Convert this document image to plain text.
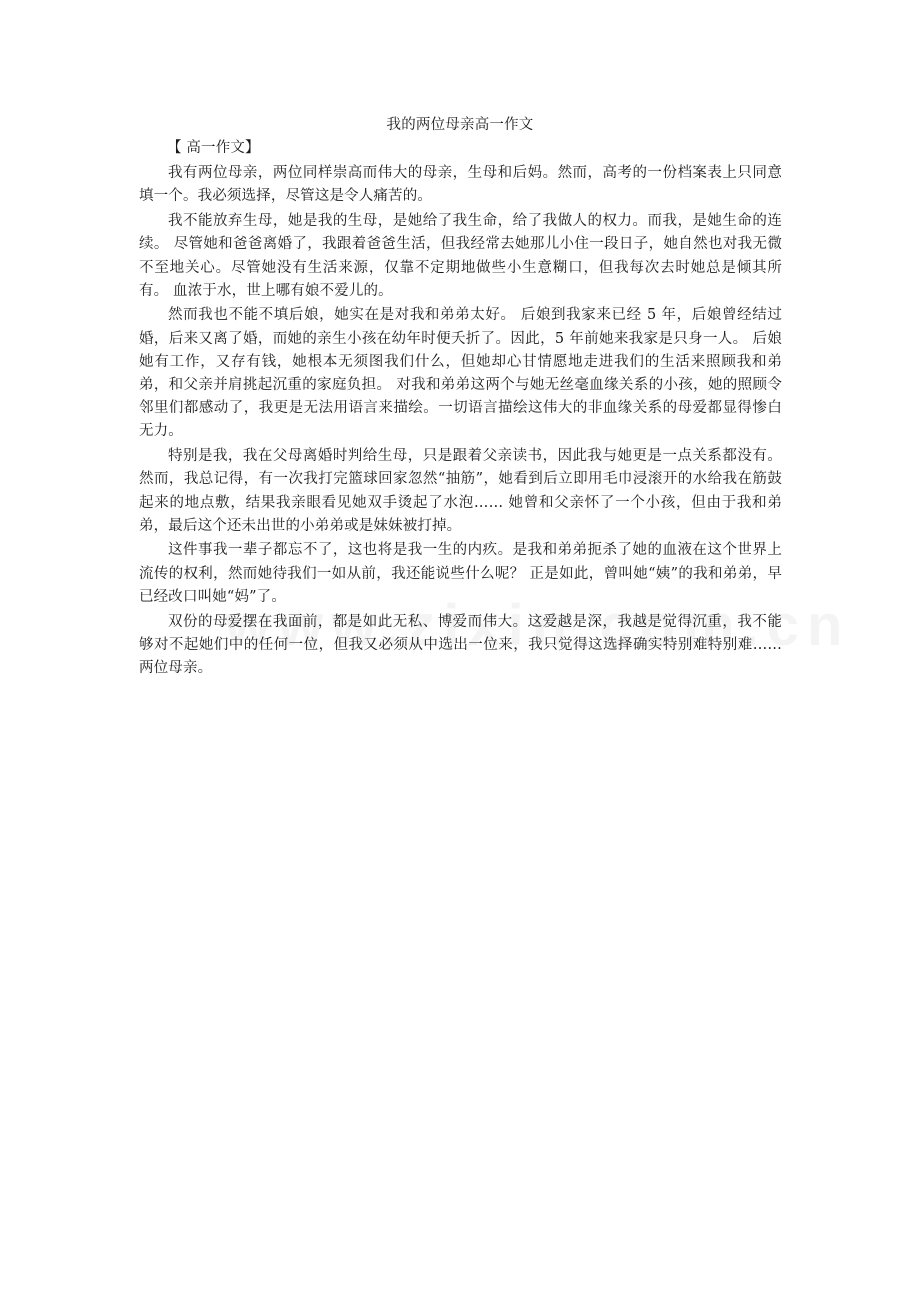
我的两位母亲高一作文
【 高一作文】

我有两位母亲，两位同样崇高而伟大的母亲，生母和后妈。然而，高考的一份档案表上只同意填一个。我必须选择，尽管这是令人痛苦的。

我不能放弃生母，她是我的生母，是她给了我生命，给了我做人的权力。而我，是她生命的连续。 尽管她和爸爸离婚了，我跟着爸爸生活，但我经常去她那儿小住一段日子，她自然也对我无微不至地关心。尽管她没有生活来源，仅靠不定期地做些小生意糊口，但我每次去时她总是倾其所有。 血浓于水，世上哪有娘不爱儿的。

然而我也不能不填后娘，她实在是对我和弟弟太好。 后娘到我家来已经 5 年，后娘曾经结过婚，后来又离了婚，而她的亲生小孩在幼年时便夭折了。因此，5 年前她来我家是只身一人。 后娘她有工作，又存有钱，她根本无须图我们什么，但她却心甘情愿地走进我们的生活来照顾我和弟弟，和父亲并肩挑起沉重的家庭负担。 对我和弟弟这两个与她无丝毫血缘关系的小孩，她的照顾令邻里们都感动了，我更是无法用语言来描绘。一切语言描绘这伟大的非血缘关系的母爱都显得惨白无力。

特别是我，我在父母离婚时判给生母，只是跟着父亲读书，因此我与她更是一点关系都没有。然而，我总记得，有一次我打完篮球回家忽然“抽筋”，她看到后立即用毛巾浸滚开的水给我在筋鼓起来的地点敷，结果我亲眼看见她双手烫起了水泡…… 她曾和父亲怀了一个小孩，但由于我和弟弟，最后这个还未出世的小弟弟或是妹妹被打掉。

这件事我一辈子都忘不了，这也将是我一生的内疚。是我和弟弟扼杀了她的血液在这个世界上流传的权利，然而她待我们一如从前，我还能说些什么呢？ 正是如此，曾叫她“姨”的我和弟弟，早已经改口叫她“妈”了。

双份的母爱摆在我面前，都是如此无私、博爱而伟大。这爱越是深，我越是觉得沉重，我不能够对不起她们中的任何一位，但我又必须从中选出一位来，我只觉得这选择确实特别难特别难…… 两位母亲。
